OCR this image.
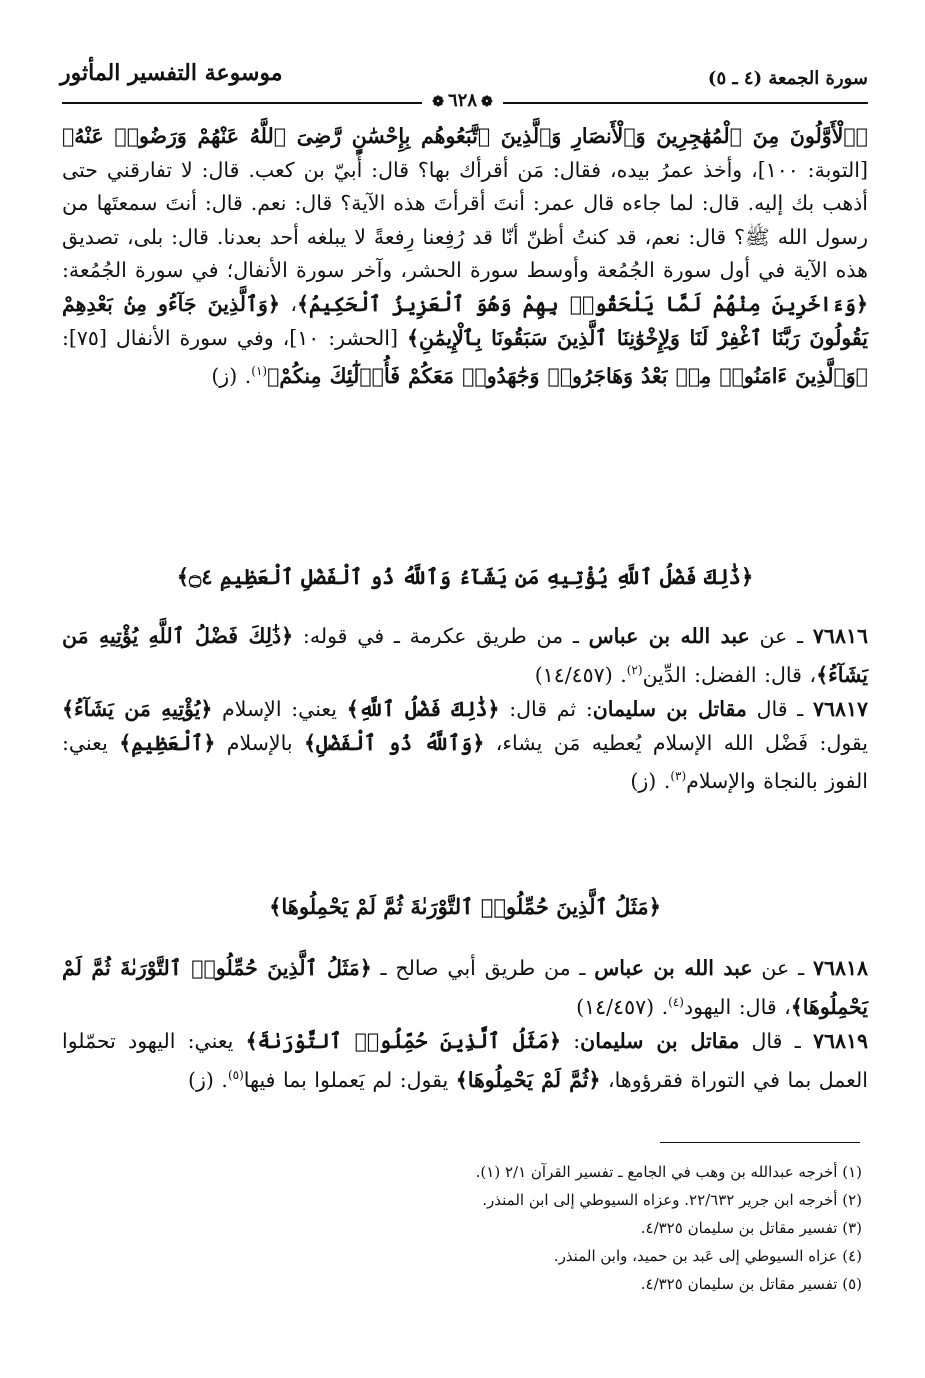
موسوعة التفسير المأثور	سورة الجمعة (٤ ـ ٥)
❁٦٢٨❁

﴿ٱلْأَوَّلُونَ مِنَ ٱلْمُهَٰجِرِينَ وَٱلْأَنصَارِ وَٱلَّذِينَ ٱتَّبَعُوهُم بِإِحْسَٰنٍ رَّضِىَ ٱللَّهُ عَنْهُمْ وَرَضُوا۟ عَنْهُ﴾ [التوبة: ١٠٠]، وأخذ عمرُ بيده، فقال: مَن أقرأك بها؟ قال: أُبيّ بن كعب. قال: لا تفارقني حتى أذهب بك إليه. قال: لما جاءه قال عمر: أنتَ أقرأتَ هذه الآية؟ قال: نعم. قال: أنتَ سمعتَها من رسول الله ﷺ؟ قال: نعم، قد كنتُ أظنّ أنّا قد رُفِعنا رِفعةً لا يبلغه أحد بعدنا. قال: بلى، تصديق هذه الآية في أول سورة الجُمُعة وأوسط سورة الحشر، وآخر سورة الأنفال؛ في سورة الجُمُعة: ﴿وَءَاخَرِينَ مِنْهُمْ لَمَّا يَلْحَقُوا۟ بِهِمْ وَهُوَ ٱلْعَزِيزُ ٱلْحَكِيمُ﴾، ﴿وَٱلَّذِينَ جَآءُو مِنۢ بَعْدِهِمْ يَقُولُونَ رَبَّنَا ٱغْفِرْ لَنَا وَلِإِخْوَٰنِنَا ٱلَّذِينَ سَبَقُونَا بِٱلْإِيمَٰنِ﴾ [الحشر: ١٠]، وفي سورة الأنفال [٧٥]: ﴿وَٱلَّذِينَ ءَامَنُوا۟ مِنۢ بَعْدُ وَهَاجَرُوا۟ وَجَٰهَدُوا۟ مَعَكُمْ فَأُو۟لَٰٓئِكَ مِنكُمْ﴾$^{(١)}$. (ز)

﴿ذَٰلِكَ فَضْلُ ٱللَّهِ يُؤْتِيهِ مَن يَشَآءُ وَٱللَّهُ ذُو ٱلْفَضْلِ ٱلْعَظِيمِ ۝٤﴾

٧٦٨١٦ ـ عن عبد الله بن عباس ـ من طريق عكرمة ـ في قوله: ﴿ذَٰلِكَ فَضْلُ ٱللَّهِ يُؤْتِيهِ مَن يَشَآءُ﴾، قال: الفضل: الدِّين$^{(٢)}$. (١٤/٤٥٧)

٧٦٨١٧ ـ قال مقاتل بن سليمان: ثم قال: ﴿ذَٰلِكَ فَضْلُ ٱللَّهِ﴾ يعني: الإسلام ﴿يُؤْتِيهِ مَن يَشَآءُ﴾ يقول: فَضْل الله الإسلام يُعطيه مَن يشاء، ﴿وَٱللَّهُ ذُو ٱلْفَضْلِ﴾ بالإسلام ﴿ٱلْعَظِيمِ﴾ يعني: الفوز بالنجاة والإسلام$^{(٣)}$. (ز)

﴿مَثَلُ ٱلَّذِينَ حُمِّلُوا۟ ٱلتَّوْرَىٰةَ ثُمَّ لَمْ يَحْمِلُوهَا﴾

٧٦٨١٨ ـ عن عبد الله بن عباس ـ من طريق أبي صالح ـ ﴿مَثَلُ ٱلَّذِينَ حُمِّلُوا۟ ٱلتَّوْرَىٰةَ ثُمَّ لَمْ يَحْمِلُوهَا﴾، قال: اليهود$^{(٤)}$. (١٤/٤٥٧)

٧٦٨١٩ ـ قال مقاتل بن سليمان: ﴿مَثَلُ ٱلَّذِينَ حُمِّلُوا۟ ٱلتَّوْرَىٰةَ﴾ يعني: اليهود تحمّلوا العمل بما في التوراة فقرؤوها، ﴿ثُمَّ لَمْ يَحْمِلُوهَا﴾ يقول: لم يَعملوا بما فيها$^{(٥)}$. (ز)

(١) أخرجه عبدالله بن وهب في الجامع ـ تفسير القرآن ٢/١ (١).

(٢) أخرجه ابن جرير ٢٢/٦٣٢. وعزاه السيوطي إلى ابن المنذر.

(٣) تفسير مقاتل بن سليمان ٤/٣٢٥.

(٤) عزاه السيوطي إلى عَبد بن حميد، وابن المنذر.

(٥) تفسير مقاتل بن سليمان ٤/٣٢٥.
